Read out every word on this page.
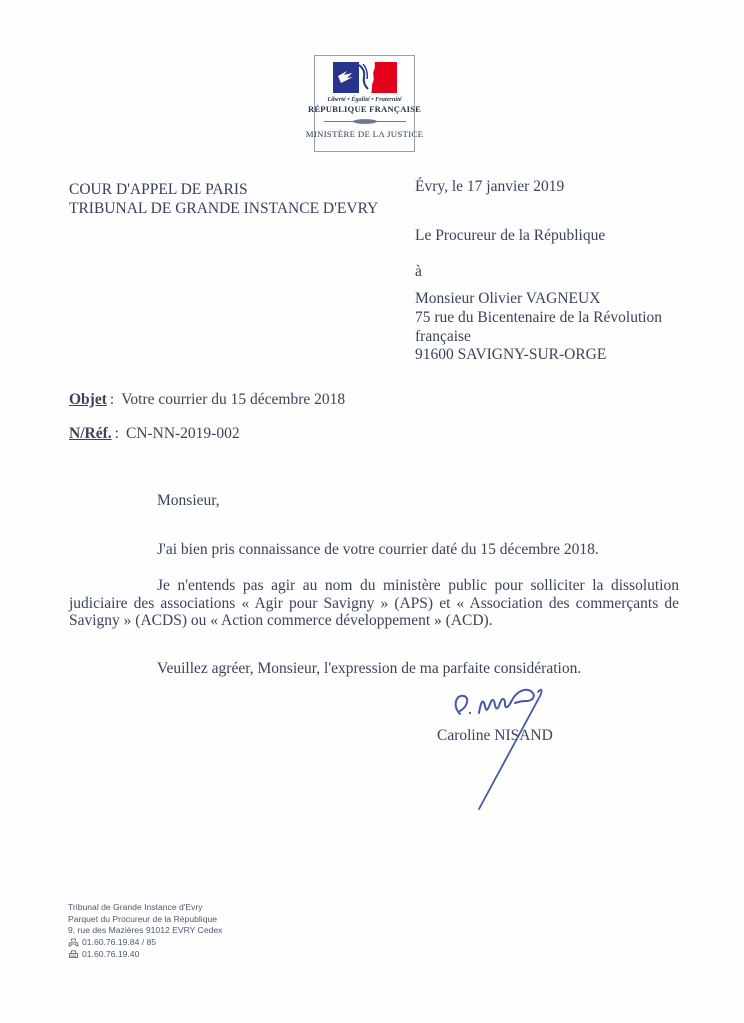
Liberté • Égalité • Fraternité
RÉPUBLIQUE FRANÇAISE
MINISTÈRE DE LA JUSTICE
COUR D'APPEL DE PARIS
TRIBUNAL DE GRANDE INSTANCE D'EVRY
Évry, le 17 janvier 2019
Le Procureur de la République
à
Monsieur Olivier VAGNEUX
75 rue du Bicentenaire de la Révolution
française
91600 SAVIGNY-SUR-ORGE
Objet : Votre courrier du 15 décembre 2018
N/Réf. : CN-NN-2019-002
Monsieur,
J'ai bien pris connaissance de votre courrier daté du 15 décembre 2018.
Je n'entends pas agir au nom du ministère public pour solliciter la dissolution judiciaire des associations « Agir pour Savigny » (APS) et « Association des commerçants de Savigny » (ACDS) ou « Action commerce développement » (ACD).
Veuillez agréer, Monsieur, l'expression de ma parfaite considération.
Caroline NISAND
Tribunal de Grande Instance d'Evry
Parquet du Procureur de la République
9, rue des Mazières 91012 EVRY Cedex
01.60.76.19.84 / 85
01.60.76.19.40
